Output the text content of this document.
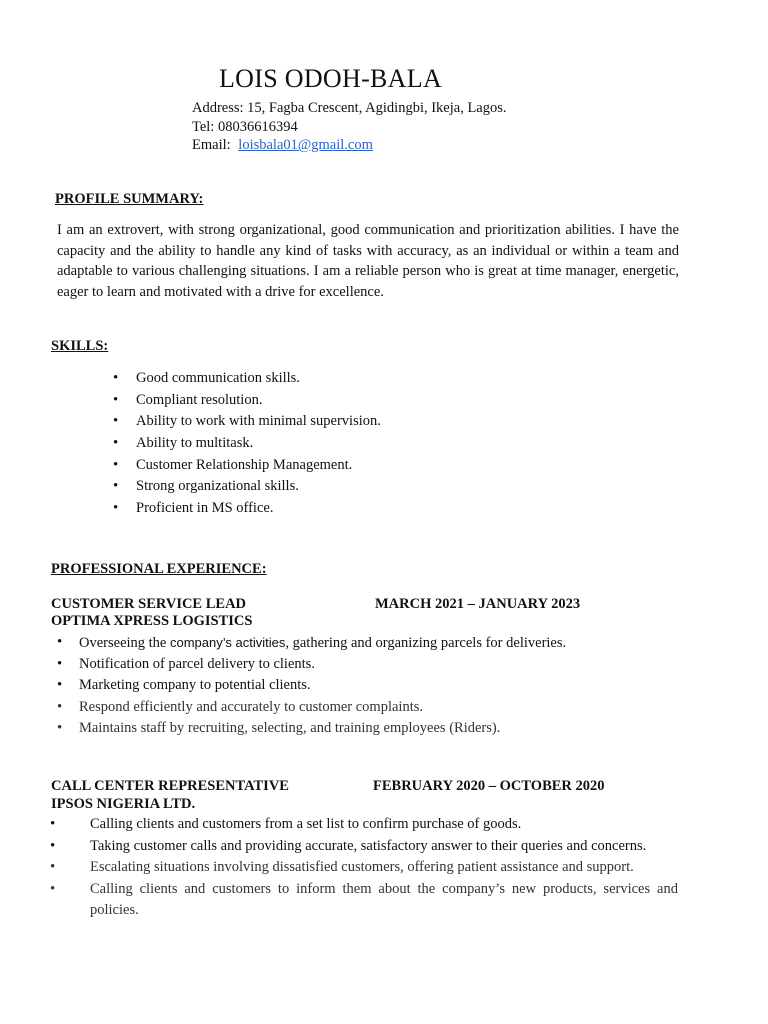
LOIS ODOH-BALA
Address: 15, Fagba Crescent, Agidingbi, Ikeja, Lagos.
Tel: 08036616394
Email: loisbala01@gmail.com
PROFILE SUMMARY:
I am an extrovert, with strong organizational, good communication and prioritization abilities. I have the capacity and the ability to handle any kind of tasks with accuracy, as an individual or within a team and adaptable to various challenging situations. I am a reliable person who is great at time manager, energetic, eager to learn and motivated with a drive for excellence.
SKILLS:
• Good communication skills.
• Compliant resolution.
• Ability to work with minimal supervision.
• Ability to multitask.
• Customer Relationship Management.
• Strong organizational skills.
• Proficient in MS office.
PROFESSIONAL EXPERIENCE:
CUSTOMER SERVICE LEAD	MARCH 2021 – JANUARY 2023
OPTIMA XPRESS LOGISTICS
• Overseeing the company’s activities, gathering and organizing parcels for deliveries.
• Notification of parcel delivery to clients.
• Marketing company to potential clients.
• Respond efficiently and accurately to customer complaints.
• Maintains staff by recruiting, selecting, and training employees (Riders).
CALL CENTER REPRESENTATIVE	FEBRUARY 2020 – OCTOBER 2020
IPSOS NIGERIA LTD.
• Calling clients and customers from a set list to confirm purchase of goods.
• Taking customer calls and providing accurate, satisfactory answer to their queries and concerns.
• Escalating situations involving dissatisfied customers, offering patient assistance and support.
• Calling clients and customers to inform them about the company’s new products, services and policies.
